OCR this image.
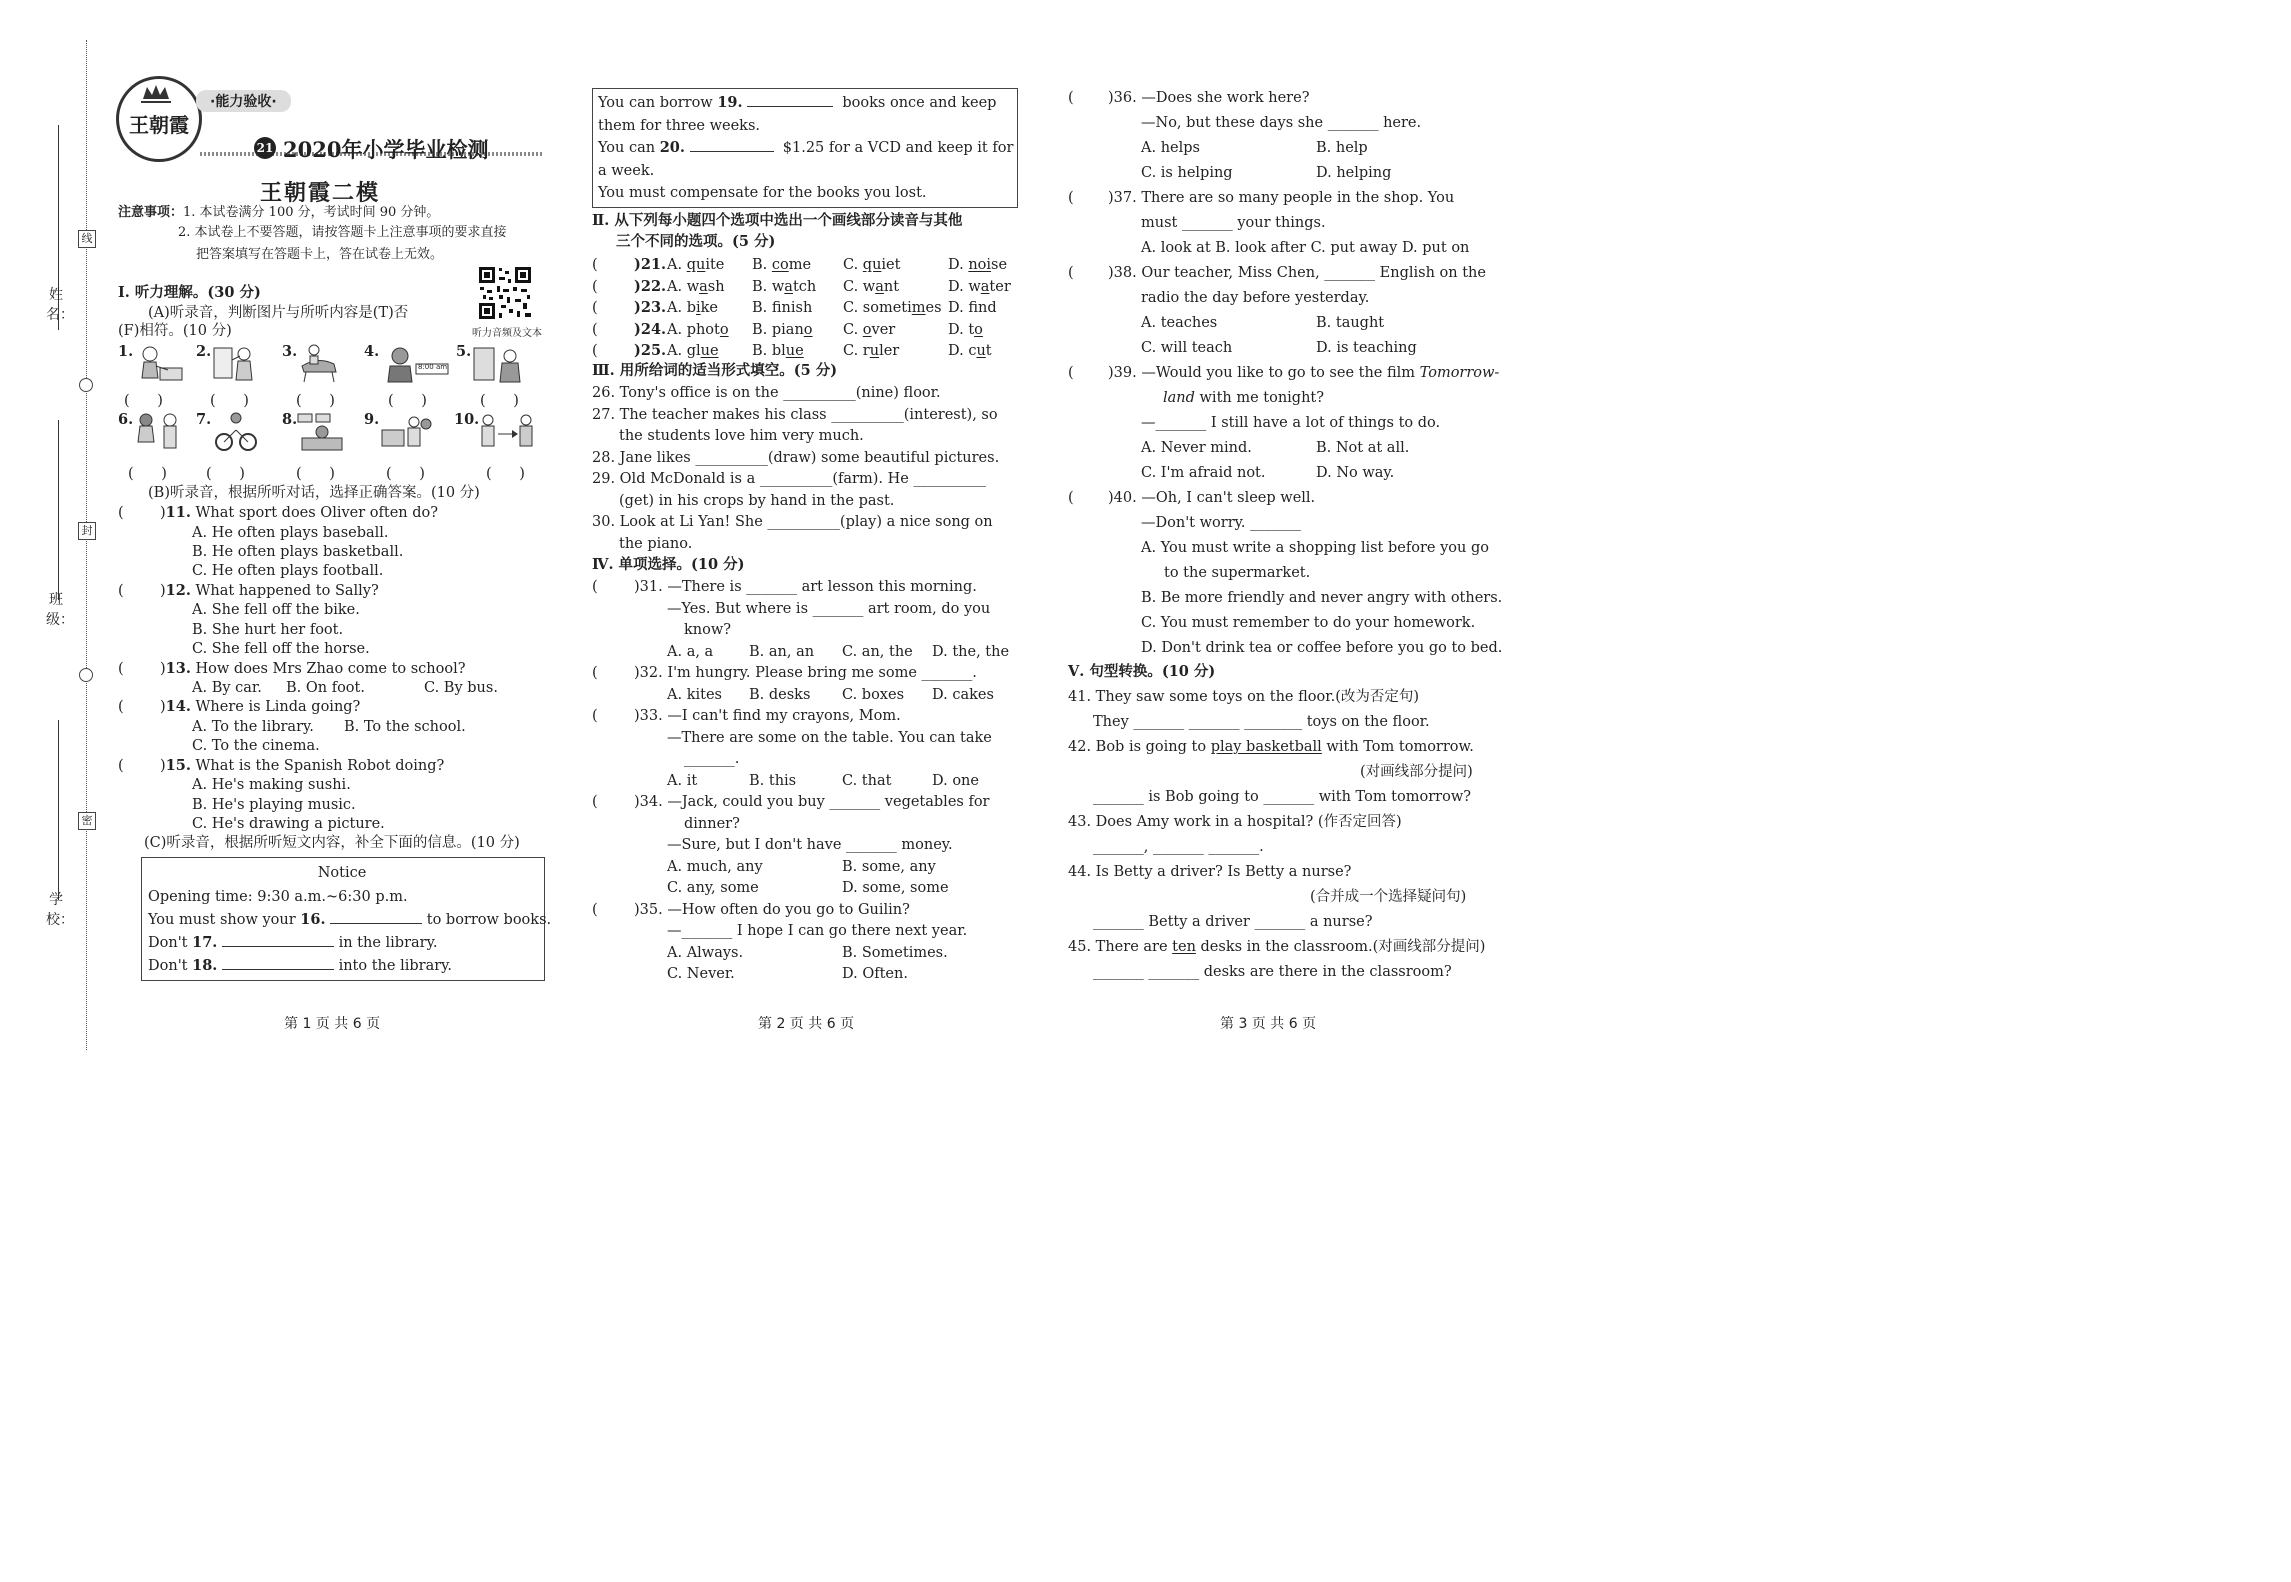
姓 名：
班 级：
学 校：
线
封
密
王朝霞
·能力验收·
21 2020年小学毕业检测
王朝霞二模
注意事项：1. 本试卷满分 100 分，考试时间 90 分钟。
2. 本试卷上不要答题，请按答题卡上注意事项的要求直接
把答案填写在答题卡上，答在试卷上无效。
听力音频及文本
Ⅰ. 听力理解。(30 分)
(A)听录音，判断图片与所听内容是(T)否
(F)相符。(10 分)
1.	2.	3.	4.	5.
8:00 am
(      )	(      )	(      )	(      )	(      )
6.	7.	8.	9.	10.
(      )	(      )	(      )	(      )	(      )
(B)听录音，根据所听对话，选择正确答案。(10 分)
(	)11. What sport does Oliver often do?
A. He often plays baseball.
B. He often plays basketball.
C. He often plays football.
(	)12. What happened to Sally?
A. She fell off the bike.
B. She hurt her foot.
C. She fell off the horse.
(	)13. How does Mrs Zhao come to school?
A. By car. B. On foot.	C. By bus.
(	)14. Where is Linda going?
A. To the library. B. To the school.
C. To the cinema.
(	)15. What is the Spanish Robot doing?
A. He's making sushi.
B. He's playing music.
C. He's drawing a picture.
(C)听录音，根据所听短文内容，补全下面的信息。(10 分)
Notice
Opening time: 9:30 a.m.~6:30 p.m.
You must show your 16.	to borrow books.
Don't 17.	in the library.
Don't 18.	into the library.
You can borrow 19.	books once and keep
them for three weeks.
You can 20.	$1.25 for a VCD and keep it for
a week.
You must compensate for the books you lost.
Ⅱ. 从下列每小题四个选项中选出一个画线部分读音与其他
三个不同的选项。(5 分)
(	)21. A. quite B. come C. quiet	D. noise
(	)22. A. wash B. watch C. want	D. water
(	)23. A. bike B. fnish C. sometimes D. fnd
(	)24. A. photo B. piano C. over	D. to
(	)25. A. glue B. blue	C. ruler	D. cut
Ⅲ. 用所给词的适当形式填空。(5 分)
26. Tony's office is on the __________(nine) floor.
27. The teacher makes his class __________(interest), so
the students love him very much.
28. Jane likes __________(draw) some beautiful pictures.
29. Old McDonald is a __________(farm). He __________
(get) in his crops by hand in the past.
30. Look at Li Yan! She __________(play) a nice song on
the piano.
Ⅳ. 单项选择。(10 分)
(	)31. —There is _______ art lesson this morning.
—Yes. But where is _______ art room, do you
know?
A. a, a B. an, an C. an, the D. the, the
(	)32. I'm hungry. Please bring me some _______.
A. kites B. desks C. boxes D. cakes
(	)33. —I can't find my crayons, Mom.
—There are some on the table. You can take
_______.
A. it	B. this	C. that	D. one
(	)34. —Jack, could you buy _______ vegetables for
dinner?
—Sure, but I don't have _______ money.
A. much, any	B. some, any
C. any, some	D. some, some
(	)35. —How often do you go to Guilin?
—_______ I hope I can go there next year.
A. Always.	B. Sometimes.
C. Never.	D. Often.
( )36. —Does she work here?
—No, but these days she _______ here.
A. helps	B. help
C. is helping	D. helping
( )37. There are so many people in the shop. You
must _______ your things.
A. look at B. look after C. put away D. put on
( )38. Our teacher, Miss Chen, _______ English on the
radio the day before yesterday.
A. teaches	B. taught
C. will teach	D. is teaching
( )39. —Would you like to go to see the film Tomorrow-
land with me tonight?
—_______ I still have a lot of things to do.
A. Never mind.	B. Not at all.
C. I'm afraid not.	D. No way.
( )40. —Oh, I can't sleep well.
—Don't worry. _______
A. You must write a shopping list before you go
to the supermarket.
B. Be more friendly and never angry with others.
C. You must remember to do your homework.
D. Don't drink tea or coffee before you go to bed.
Ⅴ. 句型转换。(10 分)
41. They saw some toys on the floor.(改为否定句)
They _______ _______ ________ toys on the floor.
42. Bob is going to play basketball with Tom tomorrow.
(对画线部分提问)
_______ is Bob going to _______ with Tom tomorrow?
43. Does Amy work in a hospital? (作否定回答)
_______, _______ _______.
44. Is Betty a driver? Is Betty a nurse?
(合并成一个选择疑问句)
_______ Betty a driver _______ a nurse?
45. There are ten desks in the classroom.(对画线部分提问)
_______ _______ desks are there in the classroom?
第 1 页 共 6 页	第 2 页 共 6 页	第 3 页 共 6 页
